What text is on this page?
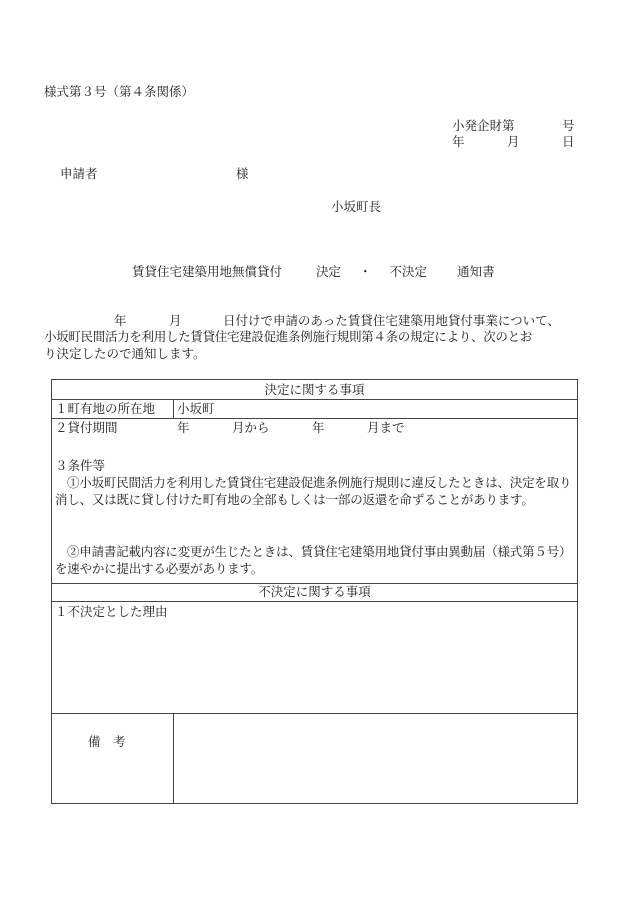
様式第３号（第４条関係）
小発企財第	号
年	月	日
申請者	様
小坂町長
賃貸住宅建築用地無償貸付	決定 ・ 不決定 通知書
年	月	日付けで申請のあった賃貸住宅建築用地貸付事業について、
小坂町民間活力を利用した賃貸住宅建設促進条例施行規則第４条の規定により、次のとお
り決定したので通知します。
決定に関する事項
１町有地の所在地 小坂町
２貸付期間	年	月から	年	月まで
３条件等
①小坂町民間活力を利用した賃貸住宅建設促進条例施行規則に違反したときは、決定を取り消し、又は既に貸し付けた町有地の全部もしくは一部の返還を命ずることがあります。
②申請書記載内容に変更が生じたときは、賃貸住宅建築用地貸付事由異動届（様式第５号）を速やかに提出する必要があります。
不決定に関する事項
１不決定とした理由
備　考
